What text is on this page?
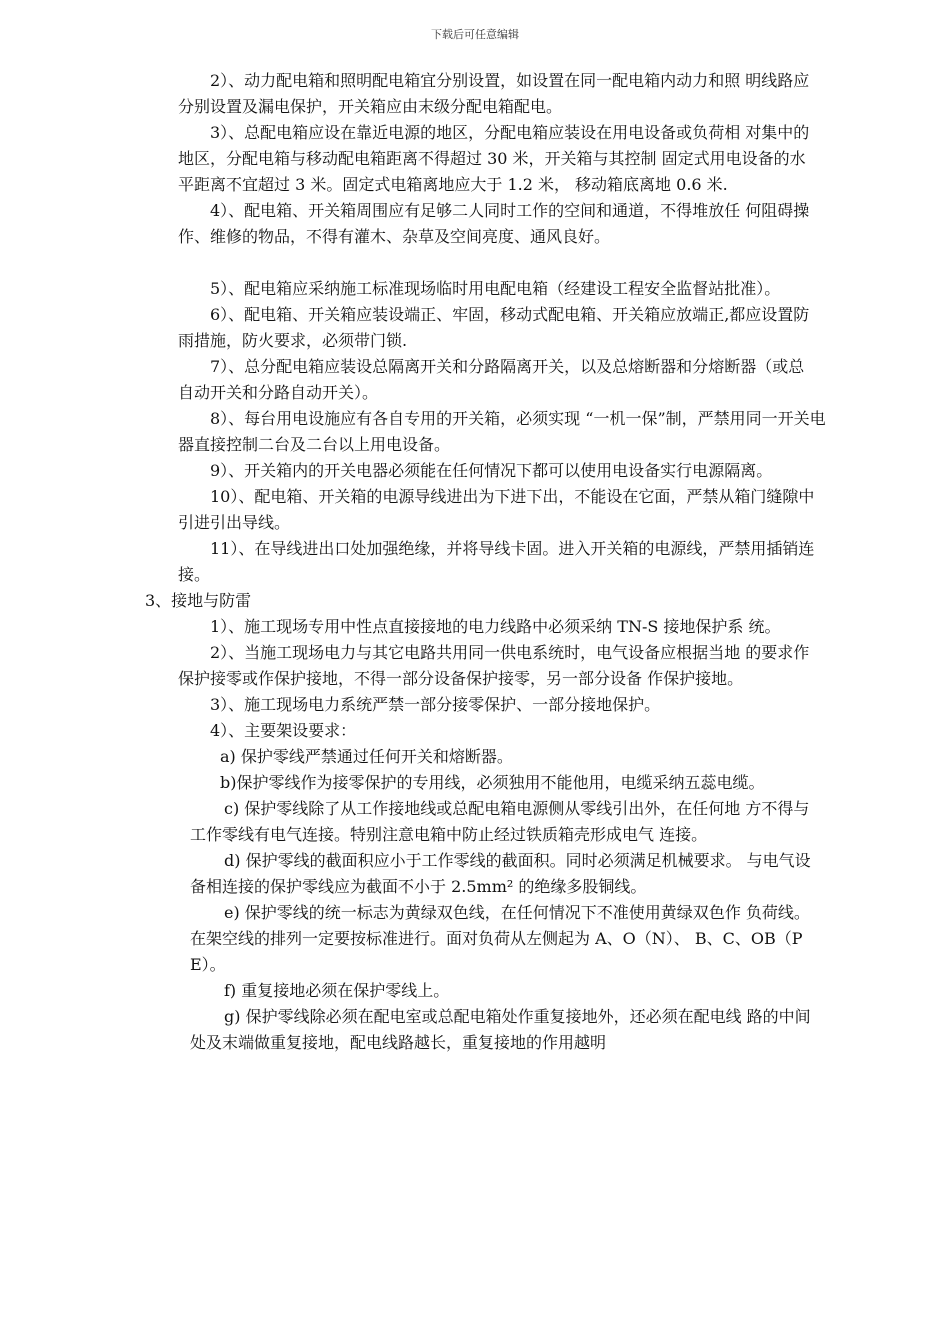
下载后可任意编辑
2）、动力配电箱和照明配电箱宜分别设置，如设置在同一配电箱内动力和照 明线路应分别设置及漏电保护，开关箱应由末级分配电箱配电。
3）、总配电箱应设在靠近电源的地区，分配电箱应装设在用电设备或负荷相 对集中的地区，分配电箱与移动配电箱距离不得超过 30 米，开关箱与其控制 固定式用电设备的水平距离不宜超过 3 米。固定式电箱离地应大于 1.2 米， 移动箱底离地 0.6 米.
4）、配电箱、开关箱周围应有足够二人同时工作的空间和通道，不得堆放任 何阻碍操作、维修的物品，不得有灌木、杂草及空间亮度、通风良好。
5）、配电箱应采纳施工标准现场临时用电配电箱（经建设工程安全监督站批准）。
6）、配电箱、开关箱应装设端正、牢固，移动式配电箱、开关箱应放端正,都应设置防雨措施，防火要求，必须带门锁.
7）、总分配电箱应装设总隔离开关和分路隔离开关，以及总熔断器和分熔断器（或总自动开关和分路自动开关）。
8）、每台用电设施应有各自专用的开关箱，必须实现 “一机一保”制，严禁用同一开关电器直接控制二台及二台以上用电设备。
9）、开关箱内的开关电器必须能在任何情况下都可以使用电设备实行电源隔离。
10）、配电箱、开关箱的电源导线进出为下进下出，不能设在它面，严禁从箱门缝隙中引进引出导线。
11）、在导线进出口处加强绝缘，并将导线卡固。进入开关箱的电源线，严禁用插销连接。
3、接地与防雷
1）、施工现场专用中性点直接接地的电力线路中必须采纳 TN-S 接地保护系 统。
2）、当施工现场电力与其它电路共用同一供电系统时，电气设备应根据当地 的要求作保护接零或作保护接地，不得一部分设备保护接零，另一部分设备 作保护接地。
3）、施工现场电力系统严禁一部分接零保护、一部分接地保护。
4）、主要架设要求：
a) 保护零线严禁通过任何开关和熔断器。
b)保护零线作为接零保护的专用线，必须独用不能他用，电缆采纳五蕊电缆。
c) 保护零线除了从工作接地线或总配电箱电源侧从零线引出外，在任何地 方不得与工作零线有电气连接。特别注意电箱中防止经过铁质箱壳形成电气 连接。
d) 保护零线的截面积应小于工作零线的截面积。同时必须满足机械要求。 与电气设备相连接的保护零线应为截面不小于 2.5mm² 的绝缘多股铜线。
e) 保护零线的统一标志为黄绿双色线，在任何情况下不准使用黄绿双色作 负荷线。在架空线的排列一定要按标准进行。面对负荷从左侧起为 A、O（N）、 B、C、OB（PE）。
f) 重复接地必须在保护零线上。
g) 保护零线除必须在配电室或总配电箱处作重复接地外，还必须在配电线 路的中间处及末端做重复接地，配电线路越长，重复接地的作用越明
